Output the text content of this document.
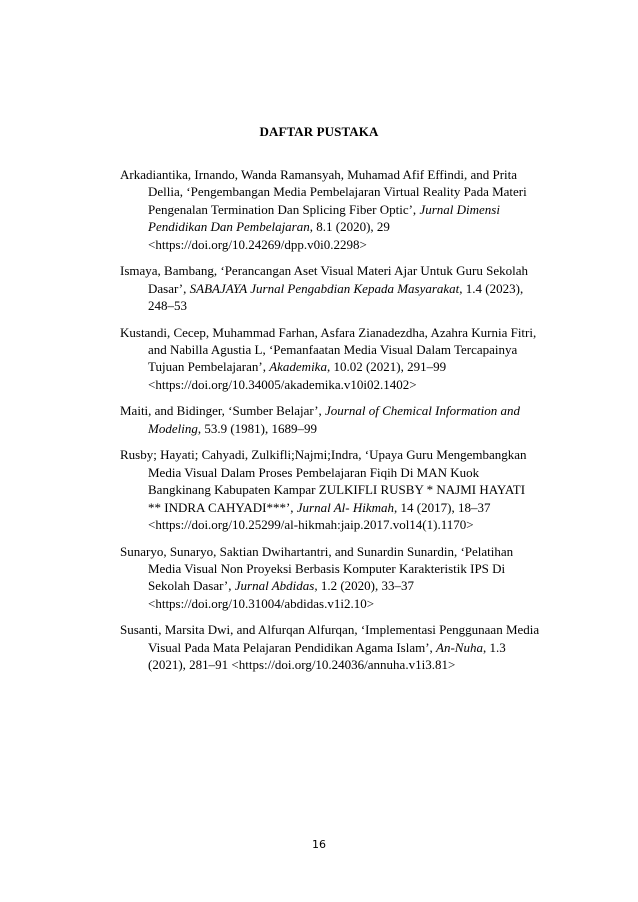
DAFTAR PUSTAKA

Arkadiantika, Irnando, Wanda Ramansyah, Muhamad Afif Effindi, and Prita Dellia, ‘Pengembangan Media Pembelajaran Virtual Reality Pada Materi Pengenalan Termination Dan Splicing Fiber Optic’, Jurnal Dimensi Pendidikan Dan Pembelajaran, 8.1 (2020), 29 <https://doi.org/10.24269/dpp.v0i0.2298>

Ismaya, Bambang, ‘Perancangan Aset Visual Materi Ajar Untuk Guru Sekolah Dasar’, SABAJAYA Jurnal Pengabdian Kepada Masyarakat, 1.4 (2023), 248–53

Kustandi, Cecep, Muhammad Farhan, Asfara Zianadezdha, Azahra Kurnia Fitri, and Nabilla Agustia L, ‘Pemanfaatan Media Visual Dalam Tercapainya Tujuan Pembelajaran’, Akademika, 10.02 (2021), 291–99 <https://doi.org/10.34005/akademika.v10i02.1402>

Maiti, and Bidinger, ‘Sumber Belajar’, Journal of Chemical Information and Modeling, 53.9 (1981), 1689–99

Rusby; Hayati; Cahyadi, Zulkifli;Najmi;Indra, ‘Upaya Guru Mengembangkan Media Visual Dalam Proses Pembelajaran Fiqih Di MAN Kuok Bangkinang Kabupaten Kampar ZULKIFLI RUSBY * NAJMI HAYATI ** INDRA CAHYADI***’, Jurnal Al- Hikmah, 14 (2017), 18–37 <https://doi.org/10.25299/al-hikmah:jaip.2017.vol14(1).1170>

Sunaryo, Sunaryo, Saktian Dwihartantri, and Sunardin Sunardin, ‘Pelatihan Media Visual Non Proyeksi Berbasis Komputer Karakteristik IPS Di Sekolah Dasar’, Jurnal Abdidas, 1.2 (2020), 33–37 <https://doi.org/10.31004/abdidas.v1i2.10>

Susanti, Marsita Dwi, and Alfurqan Alfurqan, ‘Implementasi Penggunaan Media Visual Pada Mata Pelajaran Pendidikan Agama Islam’, An-Nuha, 1.3 (2021), 281–91 <https://doi.org/10.24036/annuha.v1i3.81>

16
